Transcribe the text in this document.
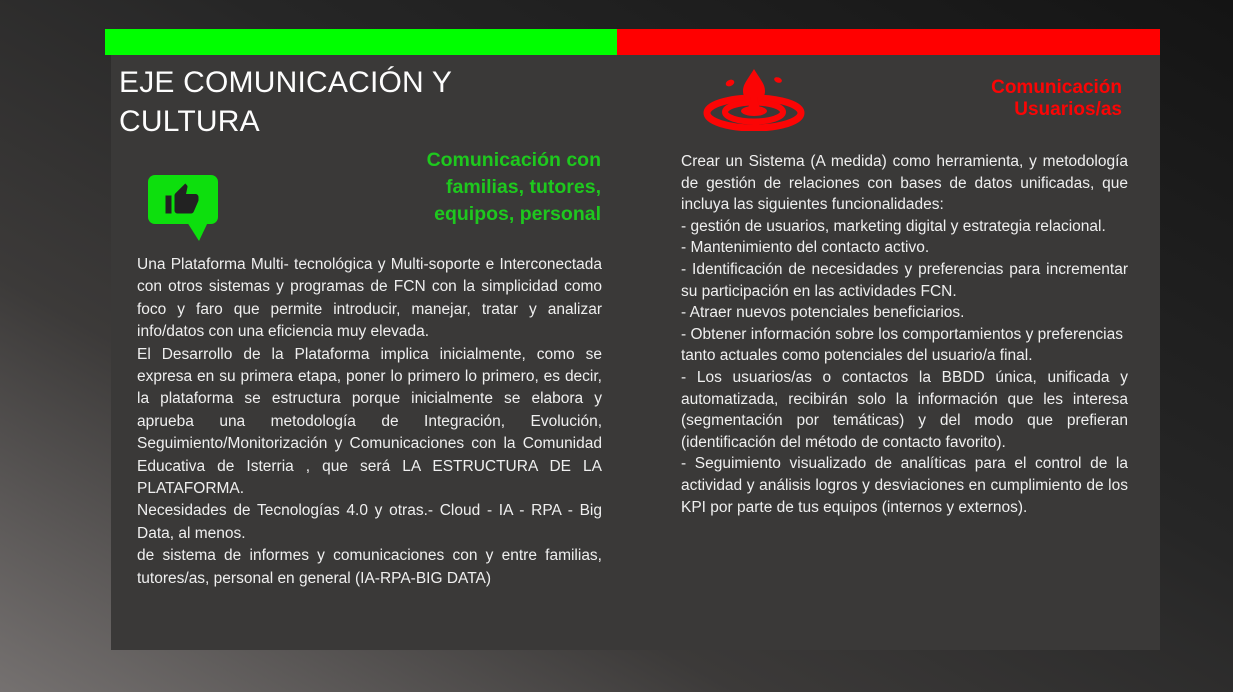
EJE COMUNICACIÓN Y CULTURA
Comunicación con familias, tutores, equipos, personal

Una Plataforma Multi- tecnológica y Multi-soporte e Interconectada con otros sistemas y programas de FCN con la simplicidad como foco y faro que permite introducir, manejar, tratar y analizar info/datos con una eficiencia muy elevada.

El Desarrollo de la Plataforma implica inicialmente, como se expresa en su primera etapa, poner lo primero lo primero, es decir, la plataforma se estructura porque inicialmente se elabora y aprueba una metodología de Integración, Evolución, Seguimiento/Monitorización y Comunicaciones con la Comunidad Educativa de Isterria , que será LA ESTRUCTURA DE LA PLATAFORMA.

Necesidades de Tecnologías 4.0 y otras.- Cloud - IA - RPA - Big Data, al menos.

de sistema de informes y comunicaciones con y entre familias, tutores/as, personal en general (IA-RPA-BIG DATA)

Comunicación Usuarios/as

Crear un Sistema (A medida) como herramienta, y metodología de gestión de relaciones con bases de datos unificadas, que incluya las siguientes funcionalidades:

- gestión de usuarios, marketing digital y estrategia relacional.

- Mantenimiento del contacto activo.

- Identificación de necesidades y preferencias para incrementar su participación en las actividades FCN.

- Atraer nuevos potenciales beneficiarios.

- Obtener información sobre los comportamientos y preferencias tanto actuales como potenciales del usuario/a final.

- Los usuarios/as o contactos la BBDD única, unificada y automatizada, recibirán solo la información que les interesa (segmentación por temáticas) y del modo que prefieran (identificación del método de contacto favorito).

- Seguimiento visualizado de analíticas para el control de la actividad y análisis logros y desviaciones en cumplimiento de los KPI por parte de tus equipos (internos y externos).
